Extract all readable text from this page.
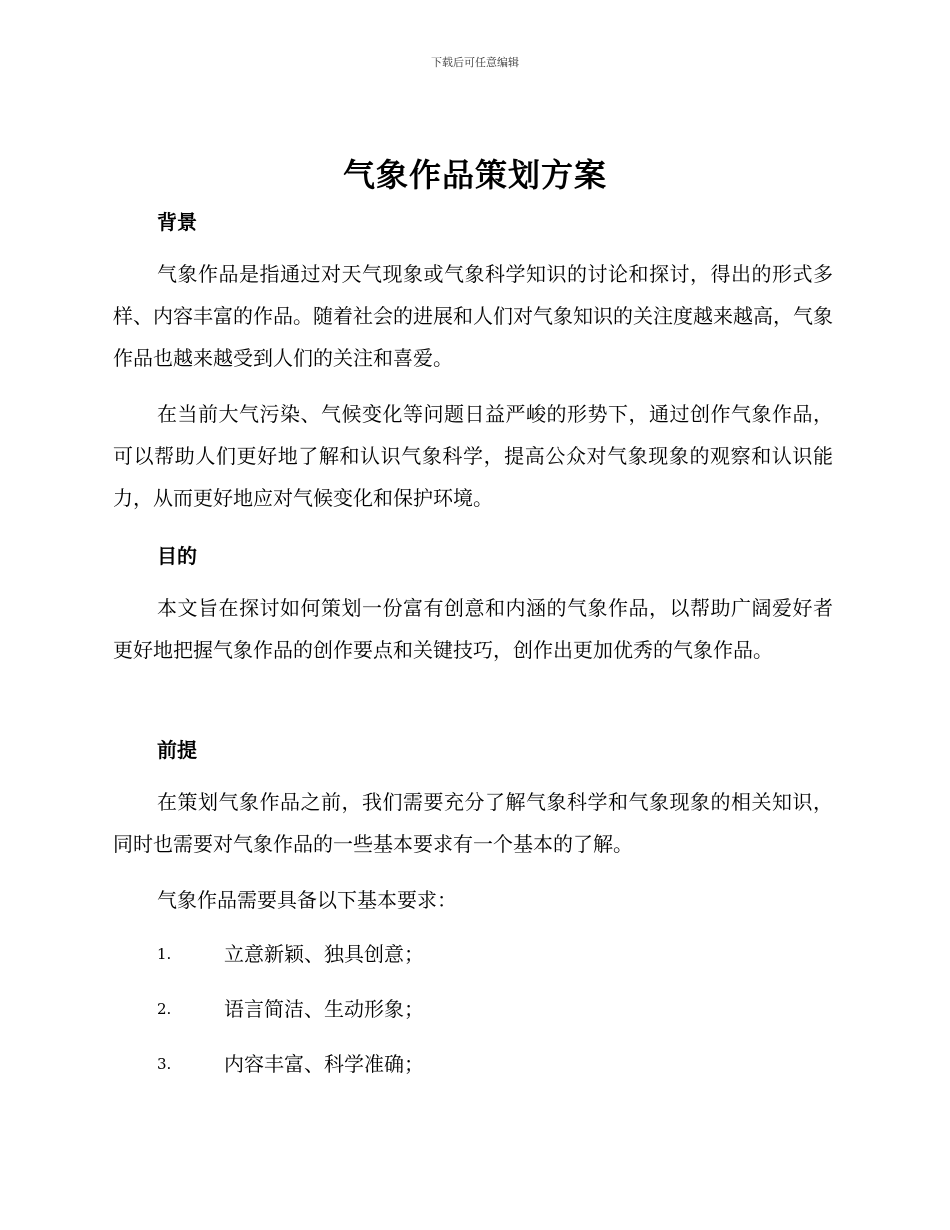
下载后可任意编辑
气象作品策划方案
背景

气象作品是指通过对天气现象或气象科学知识的讨论和探讨，得出的形式多样、内容丰富的作品。随着社会的进展和人们对气象知识的关注度越来越高，气象作品也越来越受到人们的关注和喜爱。

在当前大气污染、气候变化等问题日益严峻的形势下，通过创作气象作品，可以帮助人们更好地了解和认识气象科学，提高公众对气象现象的观察和认识能力，从而更好地应对气候变化和保护环境。

目的

本文旨在探讨如何策划一份富有创意和内涵的气象作品，以帮助广阔爱好者更好地把握气象作品的创作要点和关键技巧，创作出更加优秀的气象作品。

前提

在策划气象作品之前，我们需要充分了解气象科学和气象现象的相关知识，同时也需要对气象作品的一些基本要求有一个基本的了解。

气象作品需要具备以下基本要求：

1.	立意新颖、独具创意；
2.	语言简洁、生动形象；
3.	内容丰富、科学准确；
